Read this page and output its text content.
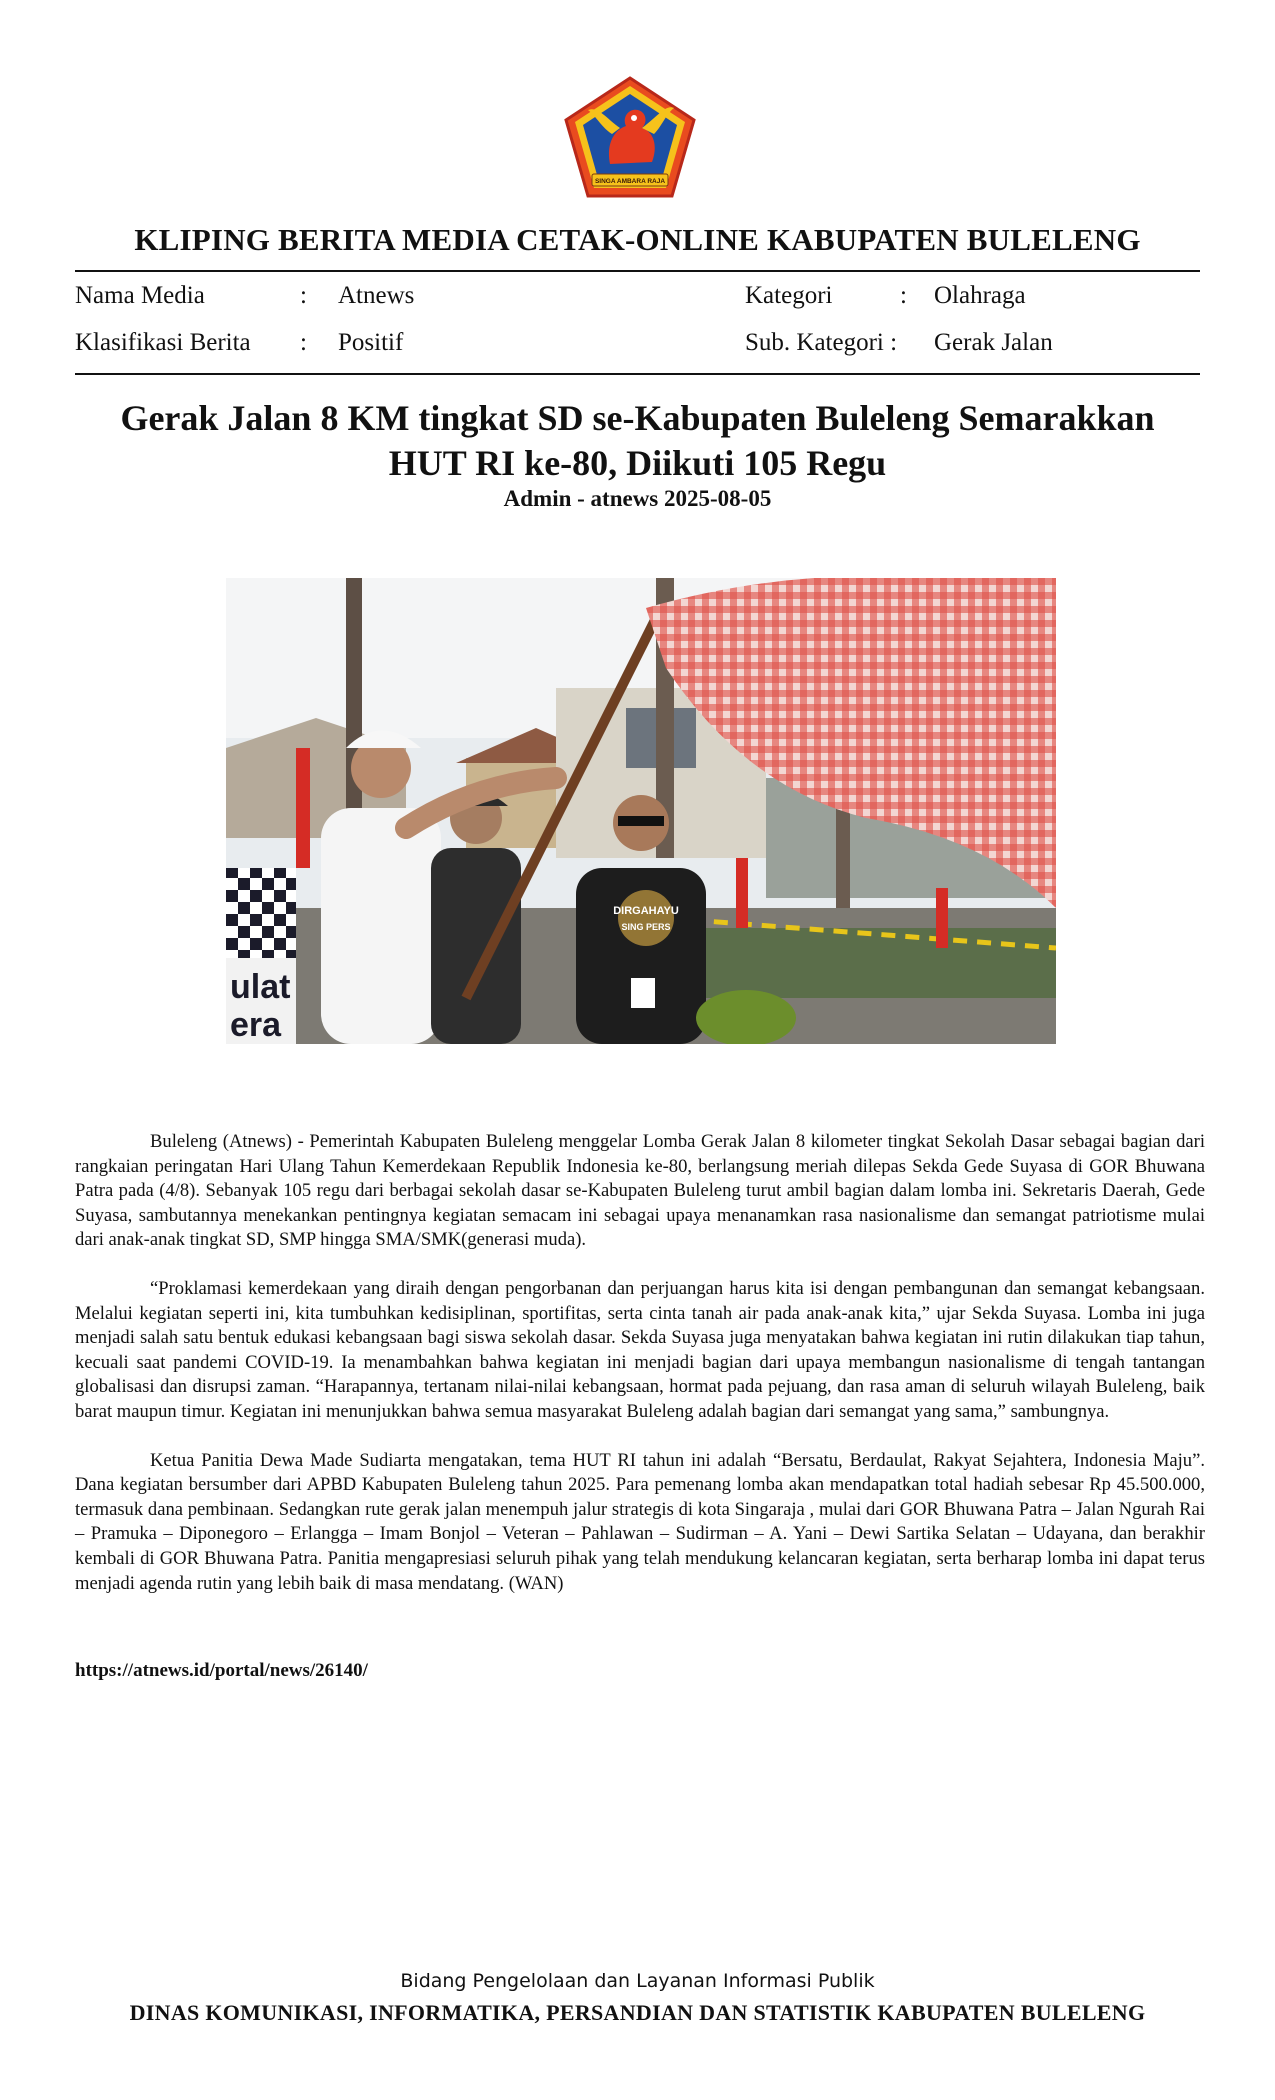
SINGA AMBARA RAJA
KLIPING BERITA MEDIA CETAK-ONLINE KABUPATEN BULELENG
Nama Media	: Atnews
Klasifikasi Berita : Positif
Kategori	: Olahraga
Sub. Kategori : Gerak Jalan
Gerak Jalan 8 KM tingkat SD se-Kabupaten Buleleng Semarakkan
HUT RI ke-80, Diikuti 105 Regu
Admin - atnews 2025-08-05
ulat
era
DIRGAHAYU
SING PERS

Buleleng (Atnews) - Pemerintah Kabupaten Buleleng menggelar Lomba Gerak Jalan 8 kilometer tingkat Sekolah Dasar sebagai bagian dari rangkaian peringatan Hari Ulang Tahun Kemerdekaan Republik Indonesia ke-80, berlangsung meriah dilepas Sekda Gede Suyasa di GOR Bhuwana Patra pada (4/8). Sebanyak 105 regu dari berbagai sekolah dasar se-Kabupaten Buleleng turut ambil bagian dalam lomba ini. Sekretaris Daerah, Gede Suyasa, sambutannya menekankan pentingnya kegiatan semacam ini sebagai upaya menanamkan rasa nasionalisme dan semangat patriotisme mulai dari anak-anak tingkat SD, SMP hingga SMA/SMK(generasi muda).

“Proklamasi kemerdekaan yang diraih dengan pengorbanan dan perjuangan harus kita isi dengan pembangunan dan semangat kebangsaan. Melalui kegiatan seperti ini, kita tumbuhkan kedisiplinan, sportifitas, serta cinta tanah air pada anak-anak kita,” ujar Sekda Suyasa. Lomba ini juga menjadi salah satu bentuk edukasi kebangsaan bagi siswa sekolah dasar. Sekda Suyasa juga menyatakan bahwa kegiatan ini rutin dilakukan tiap tahun, kecuali saat pandemi COVID-19. Ia menambahkan bahwa kegiatan ini menjadi bagian dari upaya membangun nasionalisme di tengah tantangan globalisasi dan disrupsi zaman. “Harapannya, tertanam nilai-nilai kebangsaan, hormat pada pejuang, dan rasa aman di seluruh wilayah Buleleng, baik barat maupun timur. Kegiatan ini menunjukkan bahwa semua masyarakat Buleleng adalah bagian dari semangat yang sama,” sambungnya.

Ketua Panitia Dewa Made Sudiarta mengatakan, tema HUT RI tahun ini adalah “Bersatu, Berdaulat, Rakyat Sejahtera, Indonesia Maju”. Dana kegiatan bersumber dari APBD Kabupaten Buleleng tahun 2025. Para pemenang lomba akan mendapatkan total hadiah sebesar Rp 45.500.000, termasuk dana pembinaan. Sedangkan rute gerak jalan menempuh jalur strategis di kota Singaraja , mulai dari GOR Bhuwana Patra – Jalan Ngurah Rai – Pramuka – Diponegoro – Erlangga – Imam Bonjol – Veteran – Pahlawan – Sudirman – A. Yani – Dewi Sartika Selatan – Udayana, dan berakhir kembali di GOR Bhuwana Patra. Panitia mengapresiasi seluruh pihak yang telah mendukung kelancaran kegiatan, serta berharap lomba ini dapat terus menjadi agenda rutin yang lebih baik di masa mendatang. (WAN)

https://atnews.id/portal/news/26140/
Bidang Pengelolaan dan Layanan Informasi Publik
DINAS KOMUNIKASI, INFORMATIKA, PERSANDIAN DAN STATISTIK KABUPATEN BULELENG
